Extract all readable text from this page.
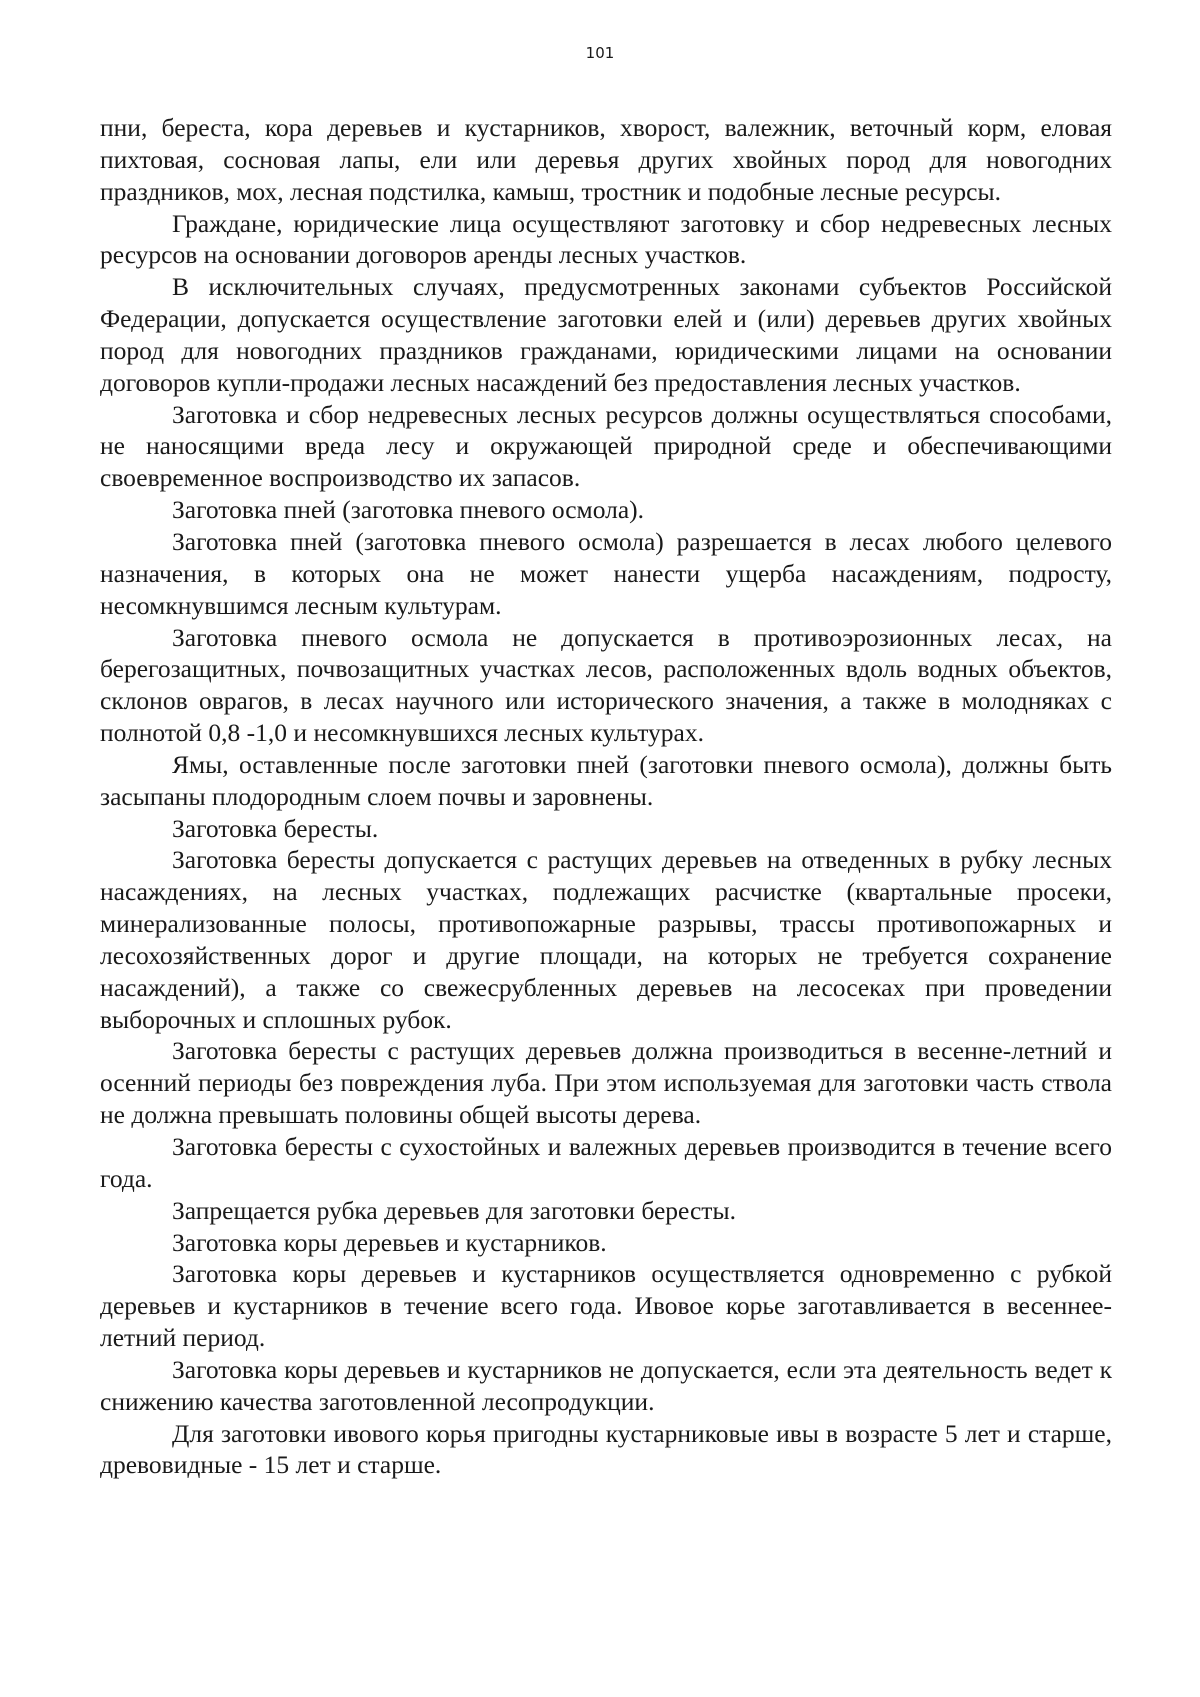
101

пни, береста, кора деревьев и кустарников, хворост, валежник, веточный корм, еловая пихтовая, сосновая лапы, ели или деревья других хвойных пород для новогодних праздников, мох, лесная подстилка, камыш, тростник и подобные лесные ресурсы.

Граждане, юридические лица осуществляют заготовку и сбор недревесных лесных ресурсов на основании договоров аренды лесных участков.

В исключительных случаях, предусмотренных законами субъектов Российской Федерации, допускается осуществление заготовки елей и (или) деревьев других хвойных пород для новогодних праздников гражданами, юридическими лицами на основании договоров купли-продажи лесных насаждений без предоставления лесных участков.

Заготовка и сбор недревесных лесных ресурсов должны осуществляться способами, не наносящими вреда лесу и окружающей природной среде и обеспечивающими своевременное воспроизводство их запасов.

Заготовка пней (заготовка пневого осмола).

Заготовка пней (заготовка пневого осмола) разрешается в лесах любого целевого назначения, в которых она не может нанести ущерба насаждениям, подросту, несомкнувшимся лесным культурам.

Заготовка пневого осмола не допускается в противоэрозионных лесах, на берегозащитных, почвозащитных участках лесов, расположенных вдоль водных объектов, склонов оврагов, в лесах научного или исторического значения, а также в молодняках с полнотой 0,8 -1,0 и несомкнувшихся лесных культурах.

Ямы, оставленные после заготовки пней (заготовки пневого осмола), должны быть засыпаны плодородным слоем почвы и заровнены.

Заготовка бересты.

Заготовка бересты допускается с растущих деревьев на отведенных в рубку лесных насаждениях, на лесных участках, подлежащих расчистке (квартальные просеки, минерализованные полосы, противопожарные разрывы, трассы противопожарных и лесохозяйственных дорог и другие площади, на которых не требуется сохранение насаждений), а также со свежесрубленных деревьев на лесосеках при проведении выборочных и сплошных рубок.

Заготовка бересты с растущих деревьев должна производиться в весенне-летний и осенний периоды без повреждения луба. При этом используемая для заготовки часть ствола не должна превышать половины общей высоты дерева.

Заготовка бересты с сухостойных и валежных деревьев производится в течение всего года.

Запрещается рубка деревьев для заготовки бересты.

Заготовка коры деревьев и кустарников.

Заготовка коры деревьев и кустарников осуществляется одновременно с рубкой деревьев и кустарников в течение всего года. Ивовое корье заготавливается в весеннее-летний период.

Заготовка коры деревьев и кустарников не допускается, если эта деятельность ведет к снижению качества заготовленной лесопродукции.

Для заготовки ивового корья пригодны кустарниковые ивы в возрасте 5 лет и старше, древовидные - 15 лет и старше.
